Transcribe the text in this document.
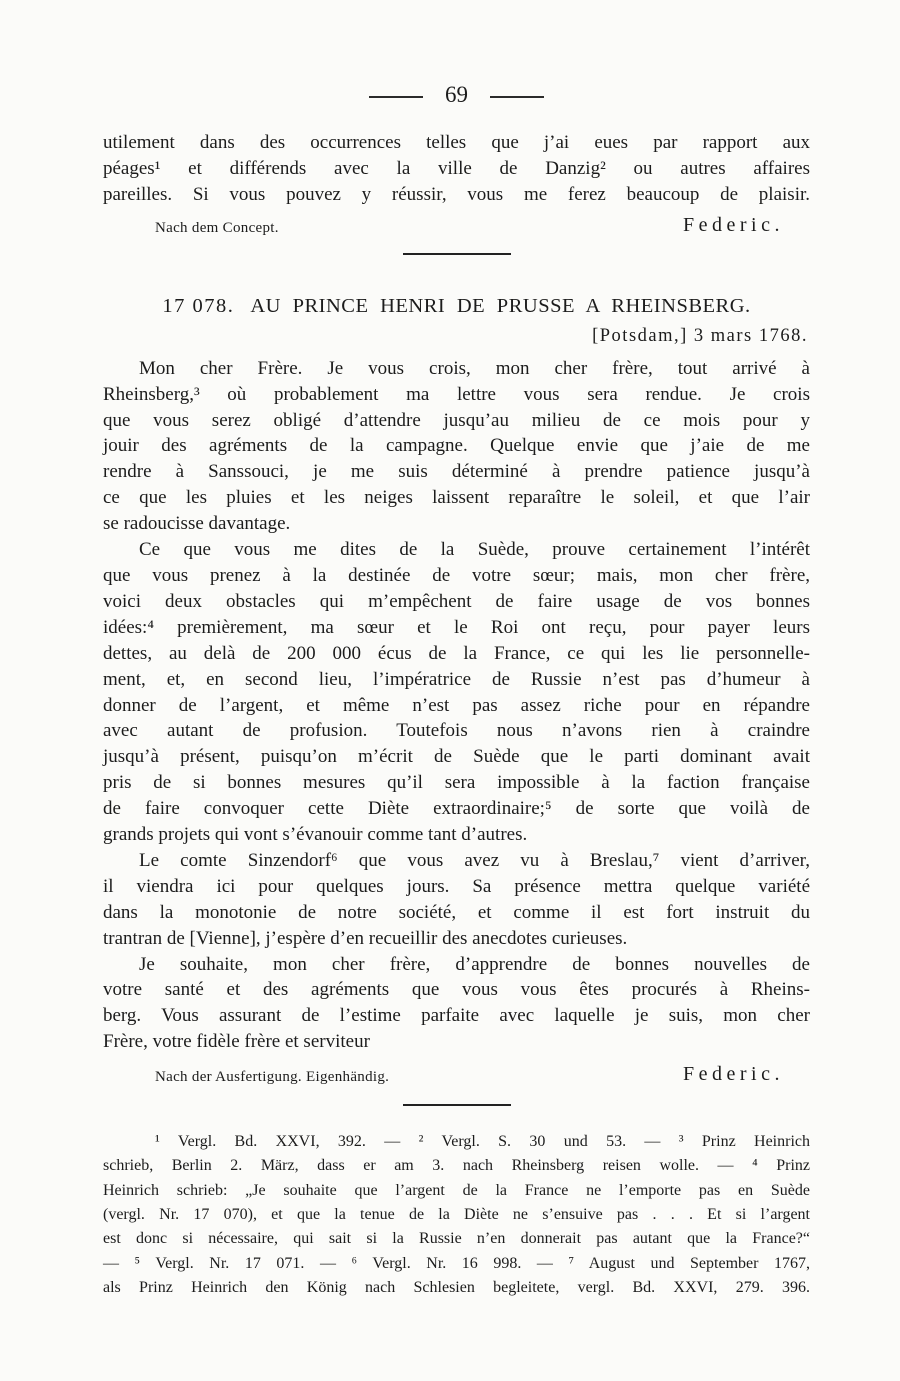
69
utilement dans des occurrences telles que j’ai eues par rapport aux
péages¹ et différends avec la ville de Danzig² ou autres affaires
pareilles. Si vous pouvez y réussir, vous me ferez beaucoup de plaisir.
Nach dem Concept.	Federic.
17 078. AU PRINCE HENRI DE PRUSSE A RHEINSBERG.
[Potsdam,] 3 mars 1768.
Mon cher Frère. Je vous crois, mon cher frère, tout arrivé à
Rheinsberg,³ où probablement ma lettre vous sera rendue. Je crois
que vous serez obligé d’attendre jusqu’au milieu de ce mois pour y
jouir des agréments de la campagne. Quelque envie que j’aie de me
rendre à Sanssouci, je me suis déterminé à prendre patience jusqu’à
ce que les pluies et les neiges laissent reparaître le soleil, et que l’air
se radoucisse davantage.
Ce que vous me dites de la Suède, prouve certainement l’intérêt
que vous prenez à la destinée de votre sœur; mais, mon cher frère,
voici deux obstacles qui m’empêchent de faire usage de vos bonnes
idées:⁴ premièrement, ma sœur et le Roi ont reçu, pour payer leurs
dettes, au delà de 200 000 écus de la France, ce qui les lie personnelle-
ment, et, en second lieu, l’impératrice de Russie n’est pas d’humeur à
donner de l’argent, et même n’est pas assez riche pour en répandre
avec autant de profusion. Toutefois nous n’avons rien à craindre
jusqu’à présent, puisqu’on m’écrit de Suède que le parti dominant avait
pris de si bonnes mesures qu’il sera impossible à la faction française
de faire convoquer cette Diète extraordinaire;⁵ de sorte que voilà de
grands projets qui vont s’évanouir comme tant d’autres.
Le comte Sinzendorf⁶ que vous avez vu à Breslau,⁷ vient d’arriver,
il viendra ici pour quelques jours. Sa présence mettra quelque variété
dans la monotonie de notre société, et comme il est fort instruit du
trantran de [Vienne], j’espère d’en recueillir des anecdotes curieuses.
Je souhaite, mon cher frère, d’apprendre de bonnes nouvelles de
votre santé et des agréments que vous vous êtes procurés à Rheins-
berg. Vous assurant de l’estime parfaite avec laquelle je suis, mon cher
Frère, votre fidèle frère et serviteur
Nach der Ausfertigung. Eigenhändig.	Federic.
¹ Vergl. Bd. XXVI, 392. — ² Vergl. S. 30 und 53. — ³ Prinz Heinrich
schrieb, Berlin 2. März, dass er am 3. nach Rheinsberg reisen wolle. — ⁴ Prinz
Heinrich schrieb: „Je souhaite que l’argent de la France ne l’emporte pas en Suède
(vergl. Nr. 17 070), et que la tenue de la Diète ne s’ensuive pas . . . Et si l’argent
est donc si nécessaire, qui sait si la Russie n’en donnerait pas autant que la France?“
— ⁵ Vergl. Nr. 17 071. — ⁶ Vergl. Nr. 16 998. — ⁷ August und September 1767,
als Prinz Heinrich den König nach Schlesien begleitete, vergl. Bd. XXVI, 279. 396.
